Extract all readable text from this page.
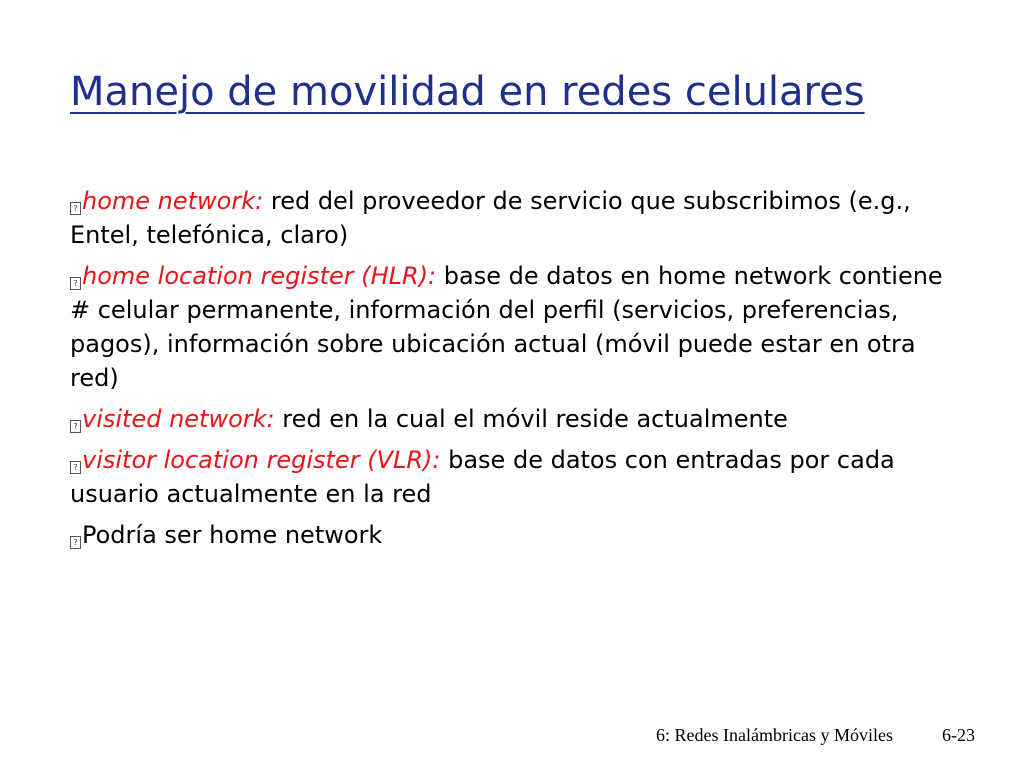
Manejo de movilidad en redes celulares
? home network: red del proveedor de servicio que subscribimos (e.g., Entel, telefónica, claro)
? home location register (HLR): base de datos en home network contiene # celular permanente, información del perfil (servicios, preferencias, pagos), información sobre ubicación actual (móvil puede estar en otra red)
? visited network: red en la cual el móvil reside actualmente
? visitor location register (VLR): base de datos con entradas por cada usuario actualmente en la red
? Podría ser home network
6: Redes Inalámbricas y Móviles	6-23
